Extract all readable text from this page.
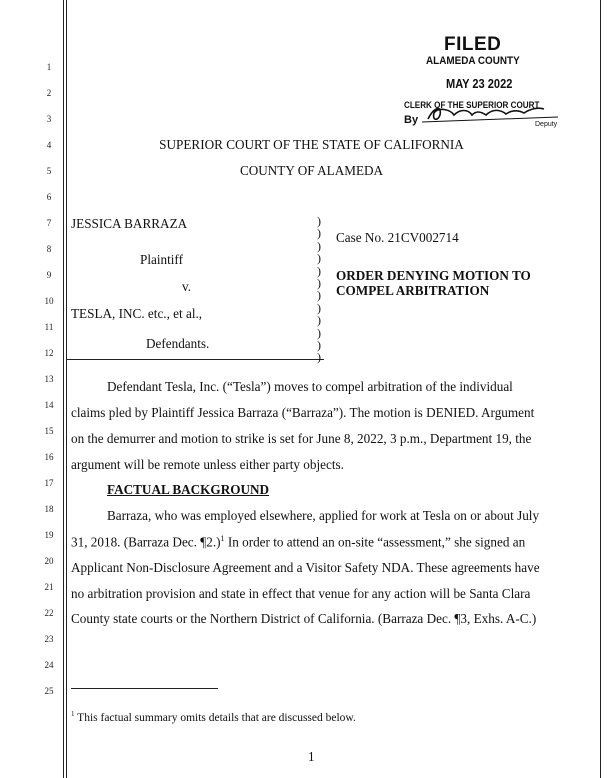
1
2
3
4
5
6
7
8
9
10
11
12
13
14
15
16
17
18
19
20
21
22
23
24
25
FILED
ALAMEDA COUNTY
MAY 23 2022
CLERK OF THE SUPERIOR COURT
By	Deputy
SUPERIOR COURT OF THE STATE OF CALIFORNIA
COUNTY OF ALAMEDA
JESSICA BARRAZA
Plaintiff
v.
TESLA, INC. etc., et al.,
Defendants.
)
)
)
)
)
)
)
)
)
)
)
)
Case No. 21CV002714
ORDER DENYING MOTION TO
COMPEL ARBITRATION
Defendant Tesla, Inc. (“Tesla”) moves to compel arbitration of the individual
claims pled by Plaintiff Jessica Barraza (“Barraza”). The motion is DENIED. Argument
on the demurrer and motion to strike is set for June 8, 2022, 3 p.m., Department 19, the
argument will be remote unless either party objects.
FACTUAL BACKGROUND
Barraza, who was employed elsewhere, applied for work at Tesla on or about July
31, 2018. (Barraza Dec. ¶2.)$^1$ In order to attend an on-site “assessment,” she signed an
Applicant Non-Disclosure Agreement and a Visitor Safety NDA. These agreements have
no arbitration provision and state in effect that venue for any action will be Santa Clara
County state courts or the Northern District of California. (Barraza Dec. ¶3, Exhs. A-C.)
$^1$ This factual summary omits details that are discussed below.
1
